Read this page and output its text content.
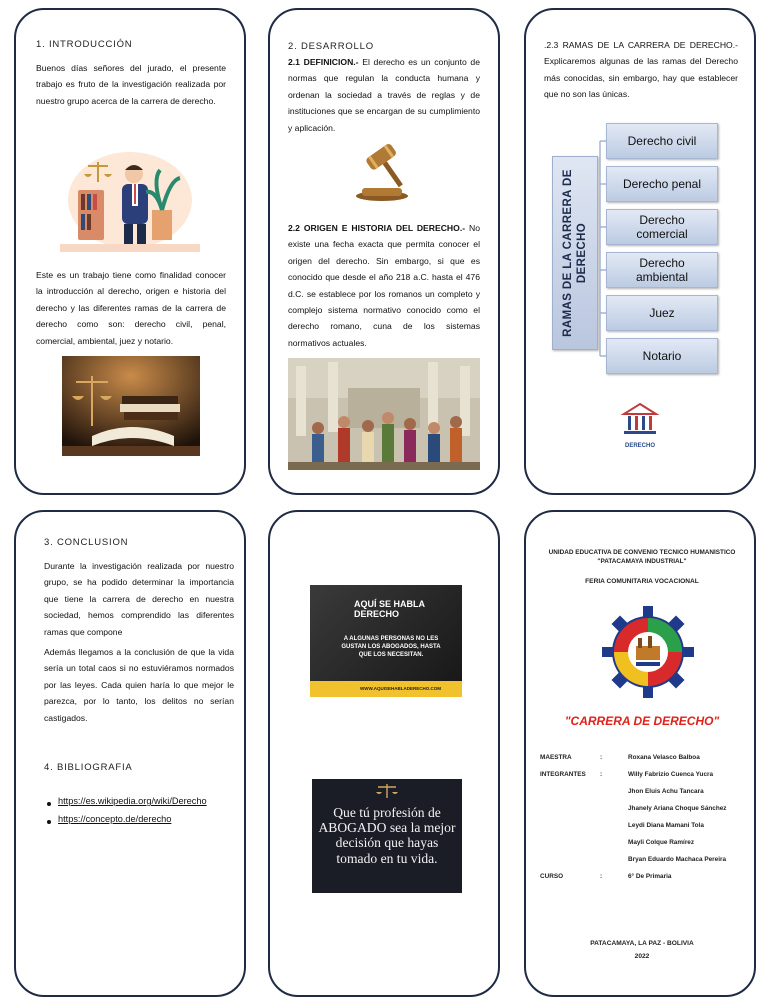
1. INTRODUCCIÓN
Buenos días señores del jurado, el presente trabajo es fruto de la investigación realizada por nuestro grupo acerca de la carrera de derecho.
Este es un trabajo tiene como finalidad conocer la introducción al derecho, origen e historia del derecho y las diferentes ramas de la carrera de derecho como son: derecho civil, penal, comercial, ambiental, juez y notario.
2. DESARROLLO
2.1 DEFINICION.- El derecho es un conjunto de normas que regulan la conducta humana y ordenan la sociedad a través de reglas y de instituciones que se encargan de su cumplimiento y aplicación.
2.2 ORIGEN E HISTORIA DEL DERECHO.- No existe una fecha exacta que permita conocer el origen del derecho. Sin embargo, si que es conocido que desde el año 218 a.C. hasta el 476 d.C. se establece por los romanos un completo y complejo sistema normativo conocido como el derecho romano, cuna de los sistemas normativos actuales.
.2.3 RAMAS DE LA CARRERA DE DERECHO.- Explicaremos algunas de las ramas del Derecho más conocidas, sin embargo, hay que establecer que no son las únicas.
RAMAS DE LA CARRERA DE DERECHO
Derecho civil
Derecho penal
Derecho comercial
Derecho ambiental
Juez
Notario
DERECHO
3. CONCLUSION
Durante la investigación realizada por nuestro grupo, se ha podido determinar la importancia que tiene la carrera de derecho en nuestra sociedad, hemos comprendido las diferentes ramas que compone
Además llegamos a la conclusión de que la vida sería un total caos si no estuviéramos normados por las leyes. Cada quien haría lo que mejor le parezca, por lo tanto, los delitos no serían castigados.
4. BIBLIOGRAFIA
https://es.wikipedia.org/wiki/Derecho
https://concepto.de/derecho
AQUÍ SE HABLA DERECHO
A ALGUNAS PERSONAS NO LES GUSTAN LOS ABOGADOS, HASTA QUE LOS NECESITAN.
WWW.AQUISEHABLADERECHO.COM
Que tú profesión de ABOGADO sea la mejor decisión que hayas tomado en tu vida.
UNIDAD EDUCATIVA DE CONVENIO TECNICO HUMANISTICO "PATACAMAYA INDUSTRIAL"
FERIA COMUNITARIA VOCACIONAL
"CARRERA DE DERECHO"
MAESTRA	:	Roxana Velasco Balboa
INTEGRANTES :	Willy Fabrizio Cuenca Yucra
Jhon Eluis Achu Tancara
Jhanely Ariana Choque Sánchez
Leydi Diana Mamani Tola
Mayli Colque Ramírez
Bryan Eduardo Machaca Pereira
CURSO	:	6° De Primaria
PATACAMAYA, LA PAZ - BOLIVIA
2022
